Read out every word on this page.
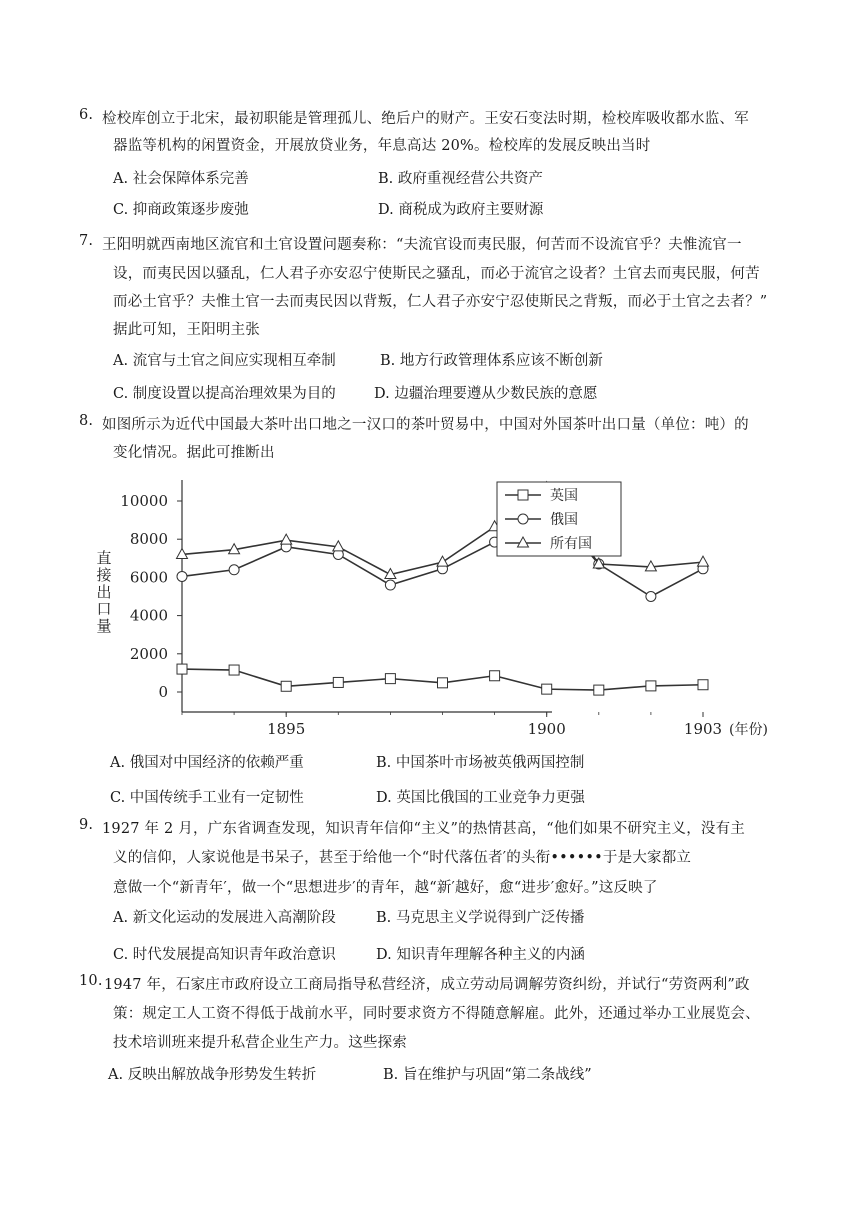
6. 检校库创立于北宋，最初职能是管理孤儿、绝后户的财产。王安石变法时期，检校库吸收都水监、军
器监等机构的闲置资金，开展放贷业务，年息高达 20%。检校库的发展反映出当时
A. 社会保障体系完善	B. 政府重视经营公共资产
C. 抑商政策逐步废弛	D. 商税成为政府主要财源
7. 王阳明就西南地区流官和土官设置问题奏称：“夫流官设而夷民服，何苦而不设流官乎？夫惟流官一
设，而夷民因以骚乱，仁人君子亦安忍宁使斯民之骚乱，而必于流官之设者？土官去而夷民服，何苦
而必土官乎？夫惟土官一去而夷民因以背叛，仁人君子亦安宁忍使斯民之背叛，而必于土官之去者？”
据此可知，王阳明主张
A. 流官与土官之间应实现相互牵制	B. 地方行政管理体系应该不断创新
C. 制度设置以提高治理效果为目的	D. 边疆治理要遵从少数民族的意愿
8. 如图所示为近代中国最大茶叶出口地之一汉口的茶叶贸易中，中国对外国茶叶出口量（单位：吨）的
变化情况。据此可推断出
0
2000
4000
6000
8000
10000
1895	1900	1903 (年份)
直
接
出
口
量
英国
俄国
所有国
A. 俄国对中国经济的依赖严重	B. 中国茶叶市场被英俄两国控制
C. 中国传统手工业有一定韧性	D. 英国比俄国的工业竞争力更强
9. 1927 年 2 月，广东省调查发现，知识青年信仰“主义”的热情甚高，“他们如果不研究主义，没有主
义的信仰，人家说他是书呆子，甚至于给他一个“时代落伍者′的头衔••••••于是大家都立
意做一个“新青年′，做一个“思想进步′的青年，越“新′越好，愈“进步′愈好。”这反映了
A. 新文化运动的发展进入高潮阶段	B. 马克思主义学说得到广泛传播
C. 时代发展提高知识青年政治意识	D. 知识青年理解各种主义的内涵
10. 1947 年，石家庄市政府设立工商局指导私营经济，成立劳动局调解劳资纠纷，并试行“劳资两利”政
策：规定工人工资不得低于战前水平，同时要求资方不得随意解雇。此外，还通过举办工业展览会、
技术培训班来提升私营企业生产力。这些探索
A. 反映出解放战争形势发生转折	B. 旨在维护与巩固“第二条战线”
